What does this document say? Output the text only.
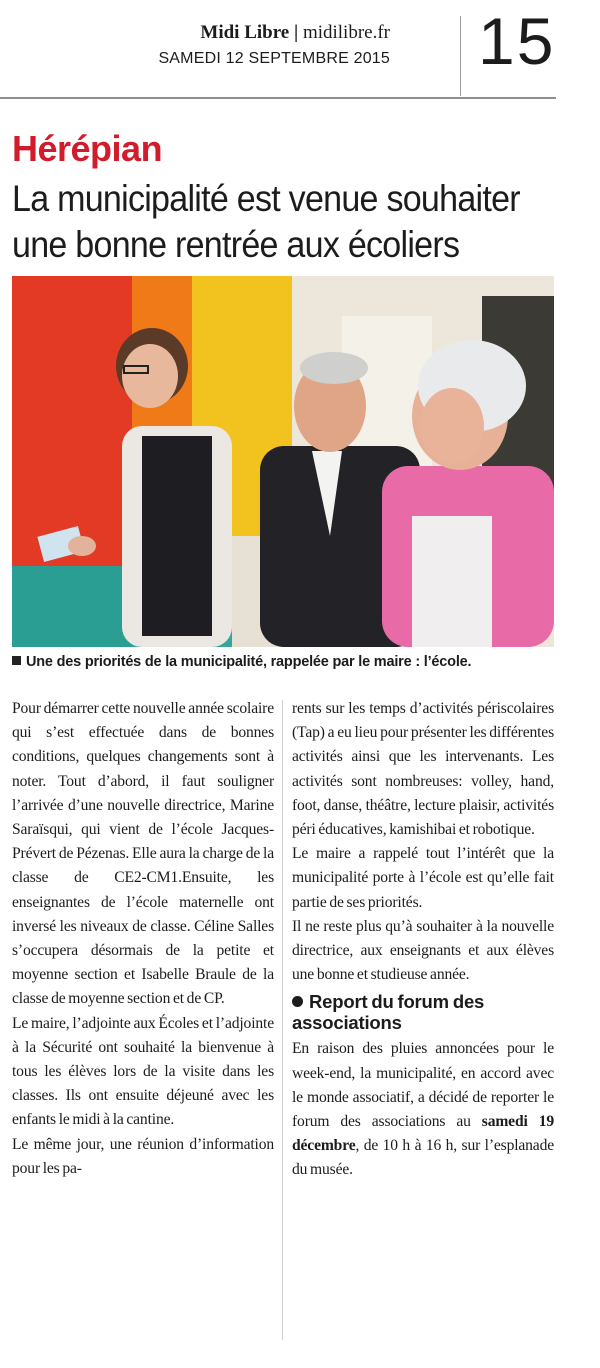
Midi Libre | midilibre.fr
SAMEDI 12 SEPTEMBRE 2015 15
Hérépian
La municipalité est venue souhaiter une bonne rentrée aux écoliers
Une des priorités de la municipalité, rappelée par le maire : l’école.

Pour démarrer cette nouvelle année scolaire qui s’est effectuée dans de bonnes conditions, quelques changements sont à noter. Tout d’abord, il faut souligner l’arrivée d’une nouvelle directrice, Marine Saraïsqui, qui vient de l’école Jacques-Prévert de Pézenas. Elle aura la charge de la classe de CE2-CM1.Ensuite, les enseignantes de l’école maternelle ont inversé les niveaux de classe. Céline Salles s’occupera désormais de la petite et moyenne section et Isabelle Braule de la classe de moyenne section et de CP.

Le maire, l’adjointe aux Écoles et l’adjointe à la Sécurité ont souhaité la bienvenue à tous les élèves lors de la visite dans les classes. Ils ont ensuite déjeuné avec les enfants le midi à la cantine.

Le même jour, une réunion d’information pour les pa-

rents sur les temps d’activités périscolaires (Tap) a eu lieu pour présenter les différentes activités ainsi que les intervenants. Les activités sont nombreuses: volley, hand, foot, danse, théâtre, lecture plaisir, activités péri éducatives, kamishibai et robotique.

Le maire a rappelé tout l’intérêt que la municipalité porte à l’école est qu’elle fait partie de ses priorités.

Il ne reste plus qu’à souhaiter à la nouvelle directrice, aux enseignants et aux élèves une bonne et studieuse année.

Report du forum des associations

En raison des pluies annoncées pour le week-end, la municipalité, en accord avec le monde associatif, a décidé de reporter le forum des associations au samedi 19 décembre, de 10 h à 16 h, sur l’esplanade du musée.
